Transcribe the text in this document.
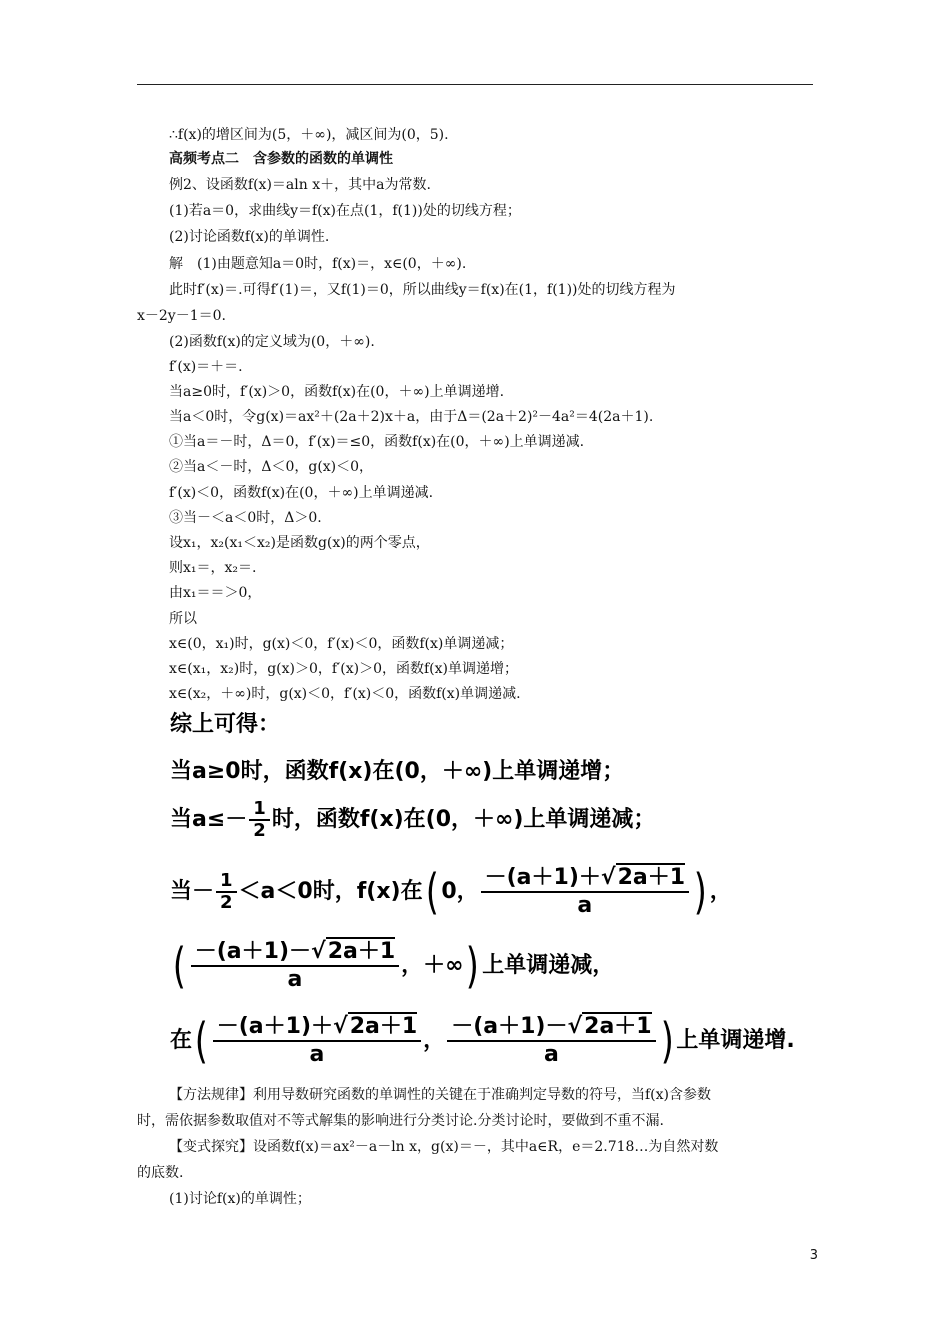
∴f(x)的增区间为(5，＋∞)，减区间为(0，5).
高频考点二　含参数的函数的单调性
例2、设函数f(x)＝aln x＋，其中a为常数.
(1)若a＝0，求曲线y＝f(x)在点(1，f(1))处的切线方程；
(2)讨论函数f(x)的单调性.
解　(1)由题意知a＝0时，f(x)＝，x∈(0，＋∞).
此时f′(x)＝.可得f′(1)＝，又f(1)＝0，所以曲线y＝f(x)在(1，f(1))处的切线方程为
x－2y－1＝0.
(2)函数f(x)的定义域为(0，＋∞).
f′(x)＝＋＝.
当a≥0时，f′(x)＞0，函数f(x)在(0，＋∞)上单调递增.
当a＜0时，令g(x)＝ax²＋(2a＋2)x＋a，由于Δ＝(2a＋2)²－4a²＝4(2a＋1).
①当a＝－时，Δ＝0，f′(x)＝≤0，函数f(x)在(0，＋∞)上单调递减.
②当a＜－时，Δ＜0，g(x)＜0，
f′(x)＜0，函数f(x)在(0，＋∞)上单调递减.
③当－＜a＜0时，Δ＞0.
设x₁，x₂(x₁＜x₂)是函数g(x)的两个零点，
则x₁＝，x₂＝.
由x₁＝＝＞0，
所以
x∈(0，x₁)时，g(x)＜0，f′(x)＜0，函数f(x)单调递减；
x∈(x₁，x₂)时，g(x)＞0，f′(x)＞0，函数f(x)单调递增；
x∈(x₂，＋∞)时，g(x)＜0，f′(x)＜0，函数f(x)单调递减.
综上可得：
当a≥0时，函数f(x)在(0，＋∞)上单调递增；
当$a\le- \frac{1}{2}$ 时，函数f(x)在(0，＋∞)上单调递减；
当－ $\frac{1}{2} <a<0$时，f(x)在( 0， $\frac{-(a+1)+√2a+1}{a}$ ) ，
( $\frac{-(a+1)-√2a+1}{a}$ ，＋∞) 上单调递减，
在( $\frac{-(a+1)+√2a+1}{a}$ ， $\frac{-(a+1)-√2a+1}{a}$ ) 上单调递增.
【方法规律】利用导数研究函数的单调性的关键在于准确判定导数的符号，当f(x)含参数
时，需依据参数取值对不等式解集的影响进行分类讨论.分类讨论时，要做到不重不漏.
【变式探究】设函数f(x)＝ax²－a－ln x，g(x)＝－，其中a∈R，e＝2.718…为自然对数
的底数.
(1)讨论f(x)的单调性；
3
